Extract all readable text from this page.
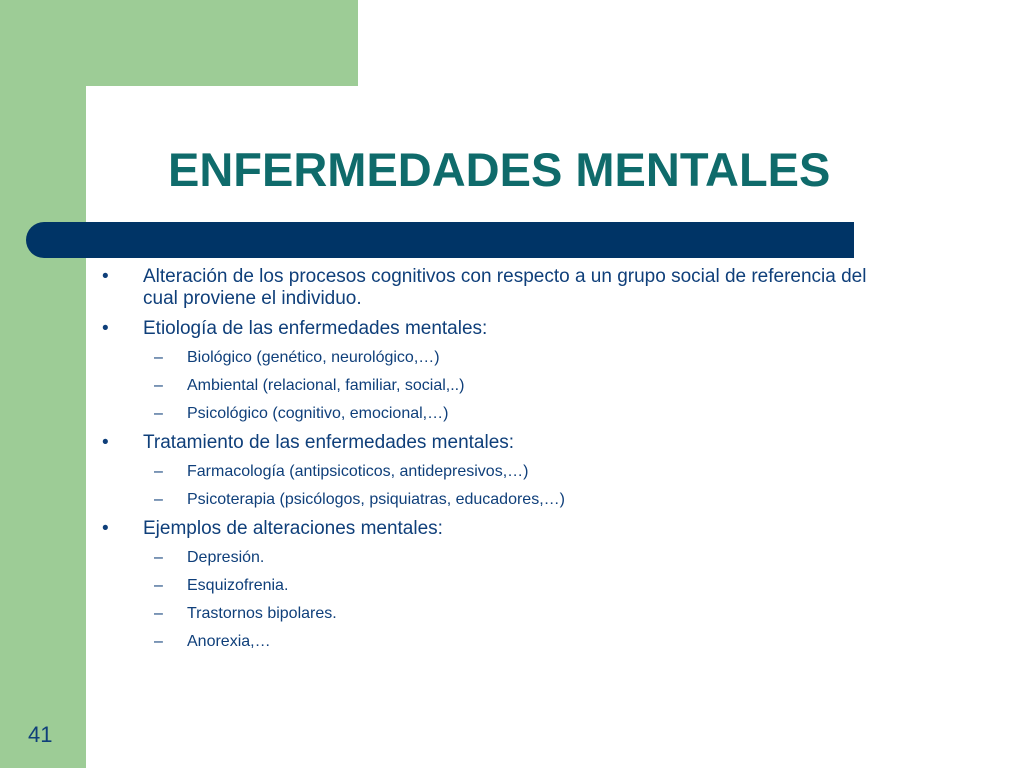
ENFERMEDADES MENTALES
• Alteración de los procesos cognitivos con respecto a un grupo social de referencia del cual proviene el individuo.
• Etiología de las enfermedades mentales:
– Biológico (genético, neurológico,…)
– Ambiental (relacional, familiar, social,..)
– Psicológico (cognitivo, emocional,…)
• Tratamiento de las enfermedades mentales:
– Farmacología (antipsicoticos, antidepresivos,…)
– Psicoterapia (psicólogos, psiquiatras, educadores,…)
• Ejemplos de alteraciones mentales:
– Depresión.
– Esquizofrenia.
– Trastornos bipolares.
– Anorexia,…
41
